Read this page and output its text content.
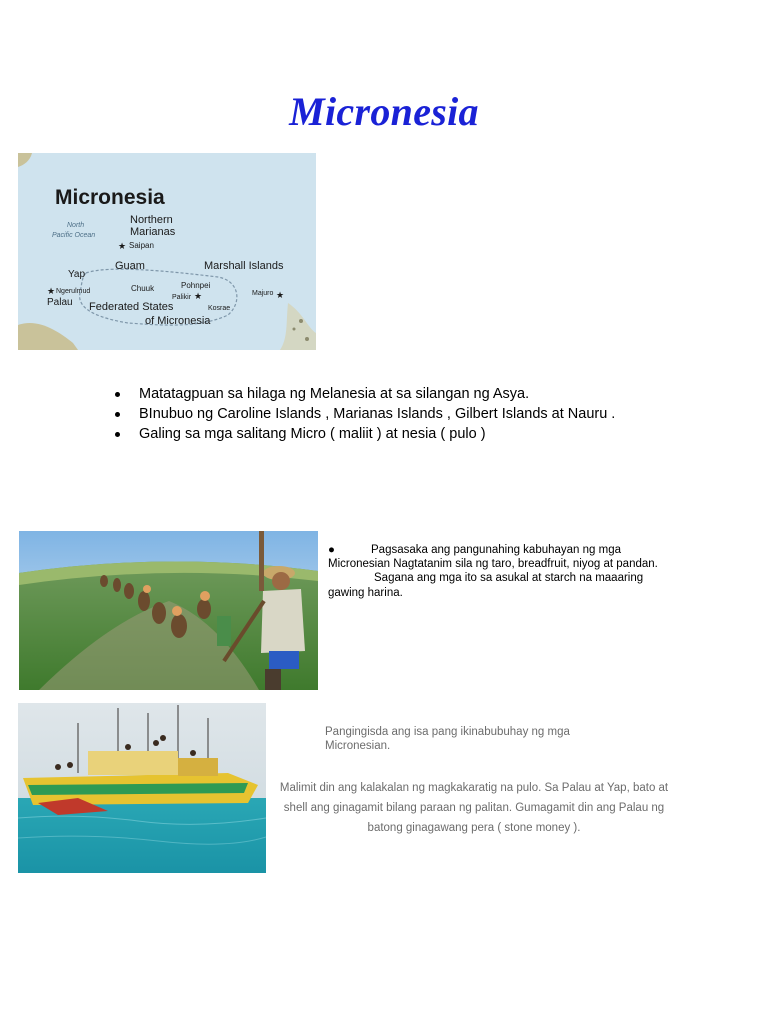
Micronesia
Micronesia
North
Pacific Ocean
Northern
Marianas
★ Saipan
Guam	Marshall Islands
Yap
★ Ngerulmud
Palau
Chuuk	Pohnpei
Palikir ★	Majuro ★
Kosrae
Federated States
of Micronesia
Matatagpuan sa hilaga ng Melanesia at sa silangan ng Asya.
BInubuo ng Caroline Islands , Marianas Islands , Gilbert Islands at Nauru .
Galing sa mga salitang Micro ( maliit ) at nesia ( pulo )
●	Pagsasaka ang pangunahing kabuhayan ng mga Micronesian Nagtatanim sila ng taro, breadfruit, niyog at pandan.
Sagana ang mga ito sa asukal at starch na maaaring gawing harina.
Pangingisda ang isa pang ikinabubuhay ng mga Micronesian.
Malimit din ang kalakalan ng magkakaratig na pulo. Sa Palau at Yap, bato at shell ang ginagamit bilang paraan ng palitan. Gumagamit din ang Palau ng batong ginagawang pera ( stone money ).
